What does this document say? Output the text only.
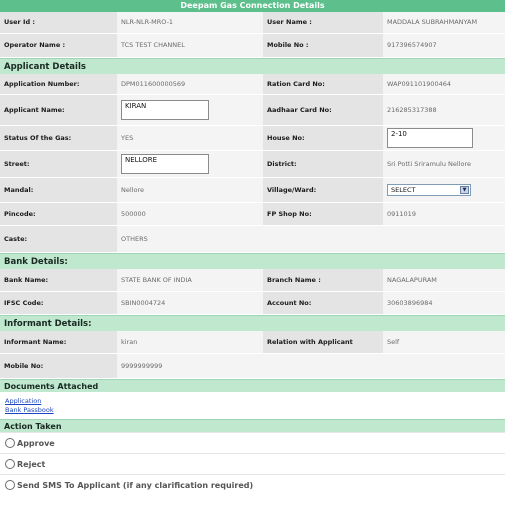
Deepam Gas Connection Details
User Id :	NLR-NLR-MRO-1	User Name :	MADDALA SUBRAHMANYAM
Operator Name :	TCS TEST CHANNEL	Mobile No :	917396574907
Applicant Details
Application Number:	DPM011600000569	Ration Card No:	WAP091101900464
Applicant Name:	KIRAN	Aadhaar Card No:	216285317388
Status Of the Gas:	YES	House No:	2-10
Street:	NELLORE	District:	Sri Potti Sriramulu Nellore
Mandal:	Nellore	Village/Ward:	SELECT ▼

Pincode:	500000	FP Shop No:	0911019
Caste:	OTHERS		
Bank Details:
Bank Name:	STATE BANK OF INDIA	Branch Name :	NAGALAPURAM
IFSC Code:	SBIN0004724	Account No:	30603896984
Informant Details:
Informant Name:	kiran	Relation with Applicant	Self
Mobile No:	9999999999		
Documents Attached
Application
Bank Passbook
Action Taken
Approve
Reject
Send SMS To Applicant (if any clarification required)
